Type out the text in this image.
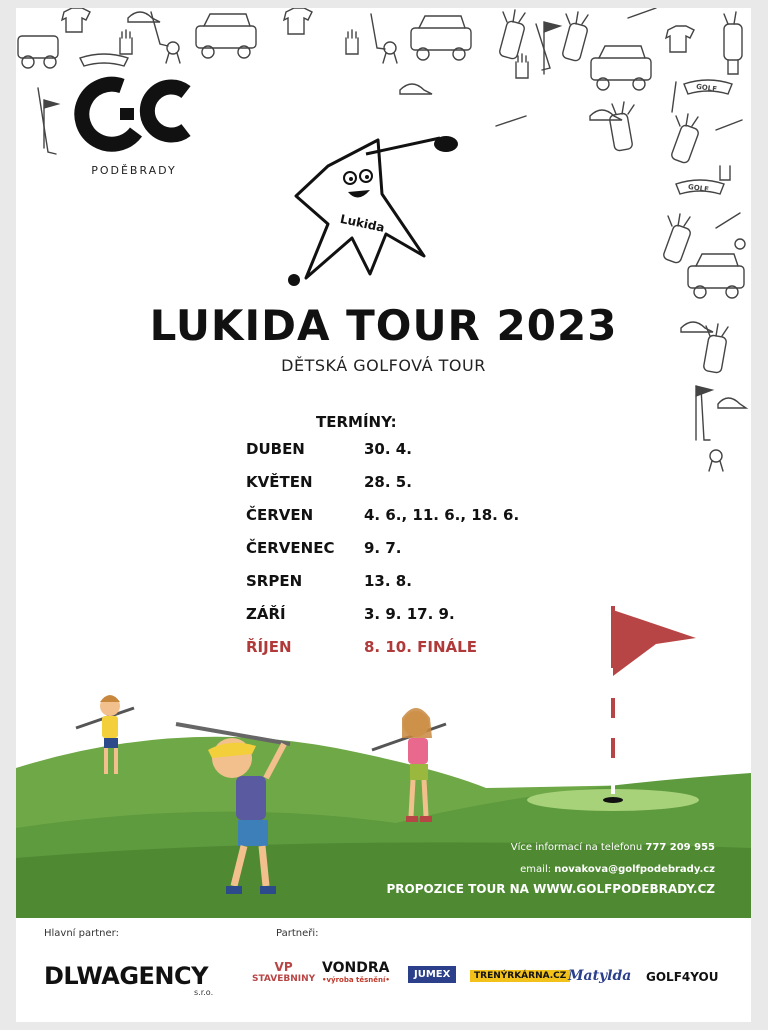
GOLF
GOLF
PODĚBRADY
Lukida
LUKIDA TOUR 2023
DĚTSKÁ GOLFOVÁ TOUR
TERMÍNY:
DUBEN	30. 4.
KVĚTEN	28. 5.
ČERVEN	4. 6., 11. 6., 18. 6.
ČERVENEC 9. 7.
SRPEN	13. 8.
ZÁŘÍ	3. 9. 17. 9.
ŘÍJEN	8. 10. FINÁLE
Více informací na telefonu 777 209 955
email: novakova@golfpodebrady.cz
PROPOZICE TOUR NA WWW.GOLFPODEBRADY.CZ
Hlavní partner:	Partneři:
DLWAGENCY
s.r.o.
VP
STAVEBNINY
VONDRA
•výroba těsnění•	JUMEX	TRENÝRKÁRNA.CZ Matylda GOLF4YOU
